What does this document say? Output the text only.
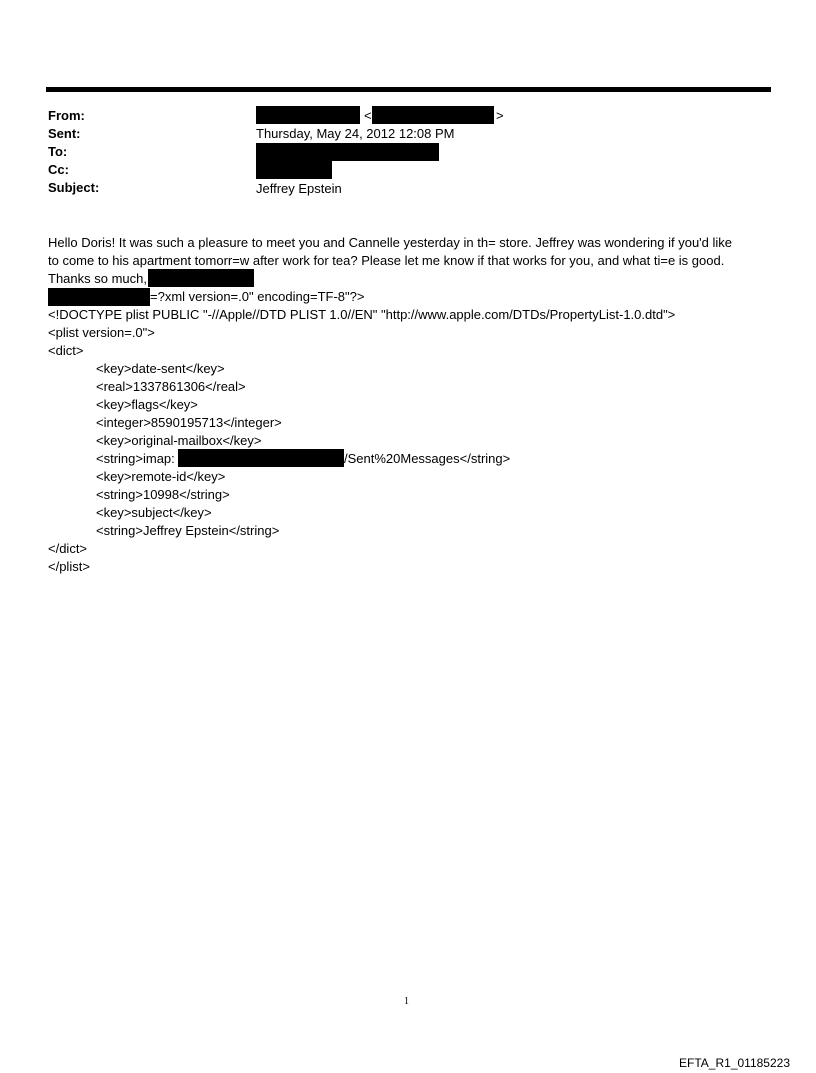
From:
Sent:
To:
Cc:
Subject:
<	>
Thursday, May 24, 2012 12:08 PM
Jeffrey Epstein
Hello Doris! It was such a pleasure to meet you and Cannelle yesterday in th= store. Jeffrey was wondering if you'd like
to come to his apartment tomorr=w after work for tea? Please let me know if that works for you, and what ti=e is good.
Thanks so much,
=?xml version=.0" encoding=TF-8"?>
<!DOCTYPE plist PUBLIC "-//Apple//DTD PLIST 1.0//EN" "http://www.apple.com/DTDs/PropertyList-1.0.dtd">
<plist version=.0">
<dict>
<key>date-sent</key>
<real>1337861306</real>
<key>flags</key>
<integer>8590195713</integer>
<key>original-mailbox</key>
<string>imap:	/Sent%20Messages</string>
<key>remote-id</key>
<string>10998</string>
<key>subject</key>
<string>Jeffrey Epstein</string>
</dict>
</plist>
1
EFTA_R1_01185223
